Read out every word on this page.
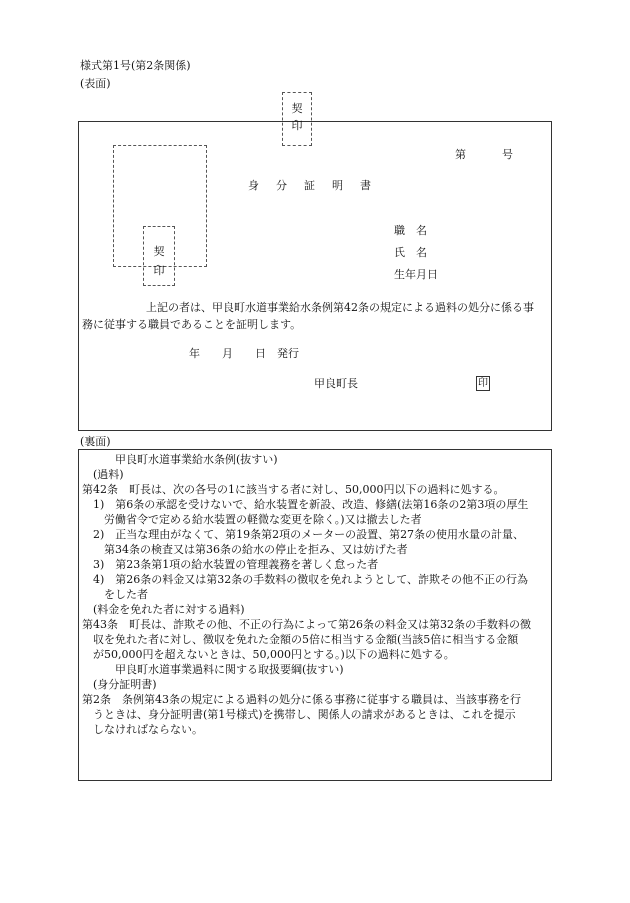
様式第1号(第2条関係)
(表面)
契
印
契
印
第	号
身　分　証　明　書
職　名
氏　名
生年月日
上記の者は、甲良町水道事業給水条例第42条の規定による過料の処分に係る事
務に従事する職員であることを証明します。
年　　月　　日　発行
甲良町長	印
(裏面)
　　　甲良町水道事業給水条例(抜すい)
　(過料)
第42条　町長は、次の各号の1に該当する者に対し、50,000円以下の過料に処する。
　1)　第6条の承認を受けないで、給水装置を新設、改造、修繕(法第16条の2第3項の厚生
　　労働省令で定める給水装置の軽微な変更を除く。)又は撤去した者
　2)　正当な理由がなくて、第19条第2項のメーターの設置、第27条の使用水量の計量、
　　第34条の検査又は第36条の給水の停止を拒み、又は妨げた者
　3)　第23条第1項の給水装置の管理義務を著しく怠った者
　4)　第26条の料金又は第32条の手数料の徴収を免れようとして、詐欺その他不正の行為
　　をした者
　(料金を免れた者に対する過料)
第43条　町長は、詐欺その他、不正の行為によって第26条の料金又は第32条の手数料の徴
　収を免れた者に対し、徴収を免れた金額の5倍に相当する金額(当該5倍に相当する金額
　が50,000円を超えないときは、50,000円とする。)以下の過料に処する。
　　　甲良町水道事業過料に関する取扱要綱(抜すい)
　(身分証明書)
第2条　条例第43条の規定による過料の処分に係る事務に従事する職員は、当該事務を行
　うときは、身分証明書(第1号様式)を携帯し、関係人の請求があるときは、これを提示
　しなければならない。
